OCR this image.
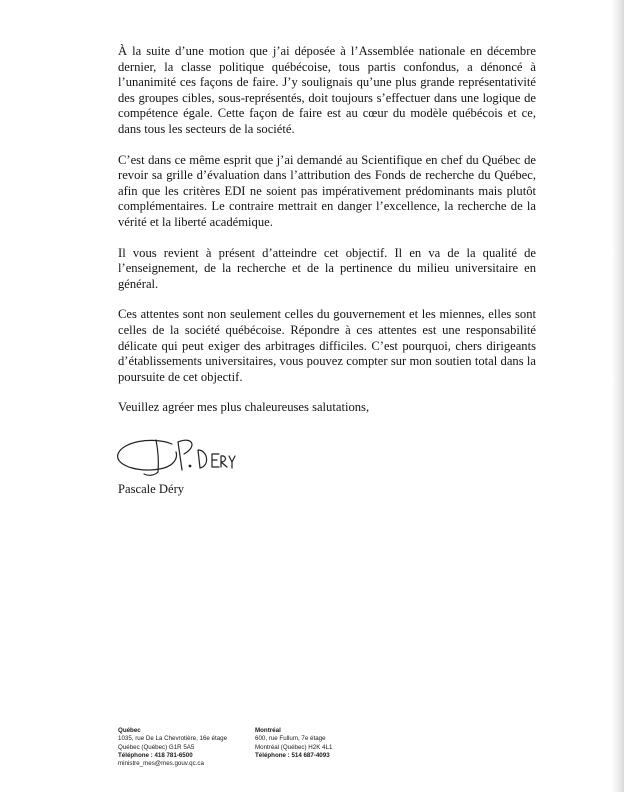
À la suite d’une motion que j’ai déposée à l’Assemblée nationale en décembre dernier, la classe politique québécoise, tous partis confondus, a dénoncé à l’unanimité ces façons de faire. J’y soulignais qu’une plus grande représentativité des groupes cibles, sous-représentés, doit toujours s’effectuer dans une logique de compétence égale. Cette façon de faire est au cœur du modèle québécois et ce, dans tous les secteurs de la société.

C’est dans ce même esprit que j’ai demandé au Scientifique en chef du Québec de revoir sa grille d’évaluation dans l’attribution des Fonds de recherche du Québec, afin que les critères EDI ne soient pas impérativement prédominants mais plutôt complémentaires. Le contraire mettrait en danger l’excellence, la recherche de la vérité et la liberté académique.

Il vous revient à présent d’atteindre cet objectif. Il en va de la qualité de l’enseignement, de la recherche et de la pertinence du milieu universitaire en général.

Ces attentes sont non seulement celles du gouvernement et les miennes, elles sont celles de la société québécoise. Répondre à ces attentes est une responsabilité délicate qui peut exiger des arbitrages difficiles. C’est pourquoi, chers dirigeants d’établissements universitaires, vous pouvez compter sur mon soutien total dans la poursuite de cet objectif.

Veuillez agréer mes plus chaleureuses salutations,

Pascale Déry
Québec
1035, rue De La Chevrotière, 16e étage
Québec (Québec) G1R 5A5
Téléphone : 418 781-6500
ministre_mes@mes.gouv.qc.ca
Montréal
600, rue Fullum, 7e étage
Montréal (Québec) H2K 4L1
Téléphone : 514 687-4093
